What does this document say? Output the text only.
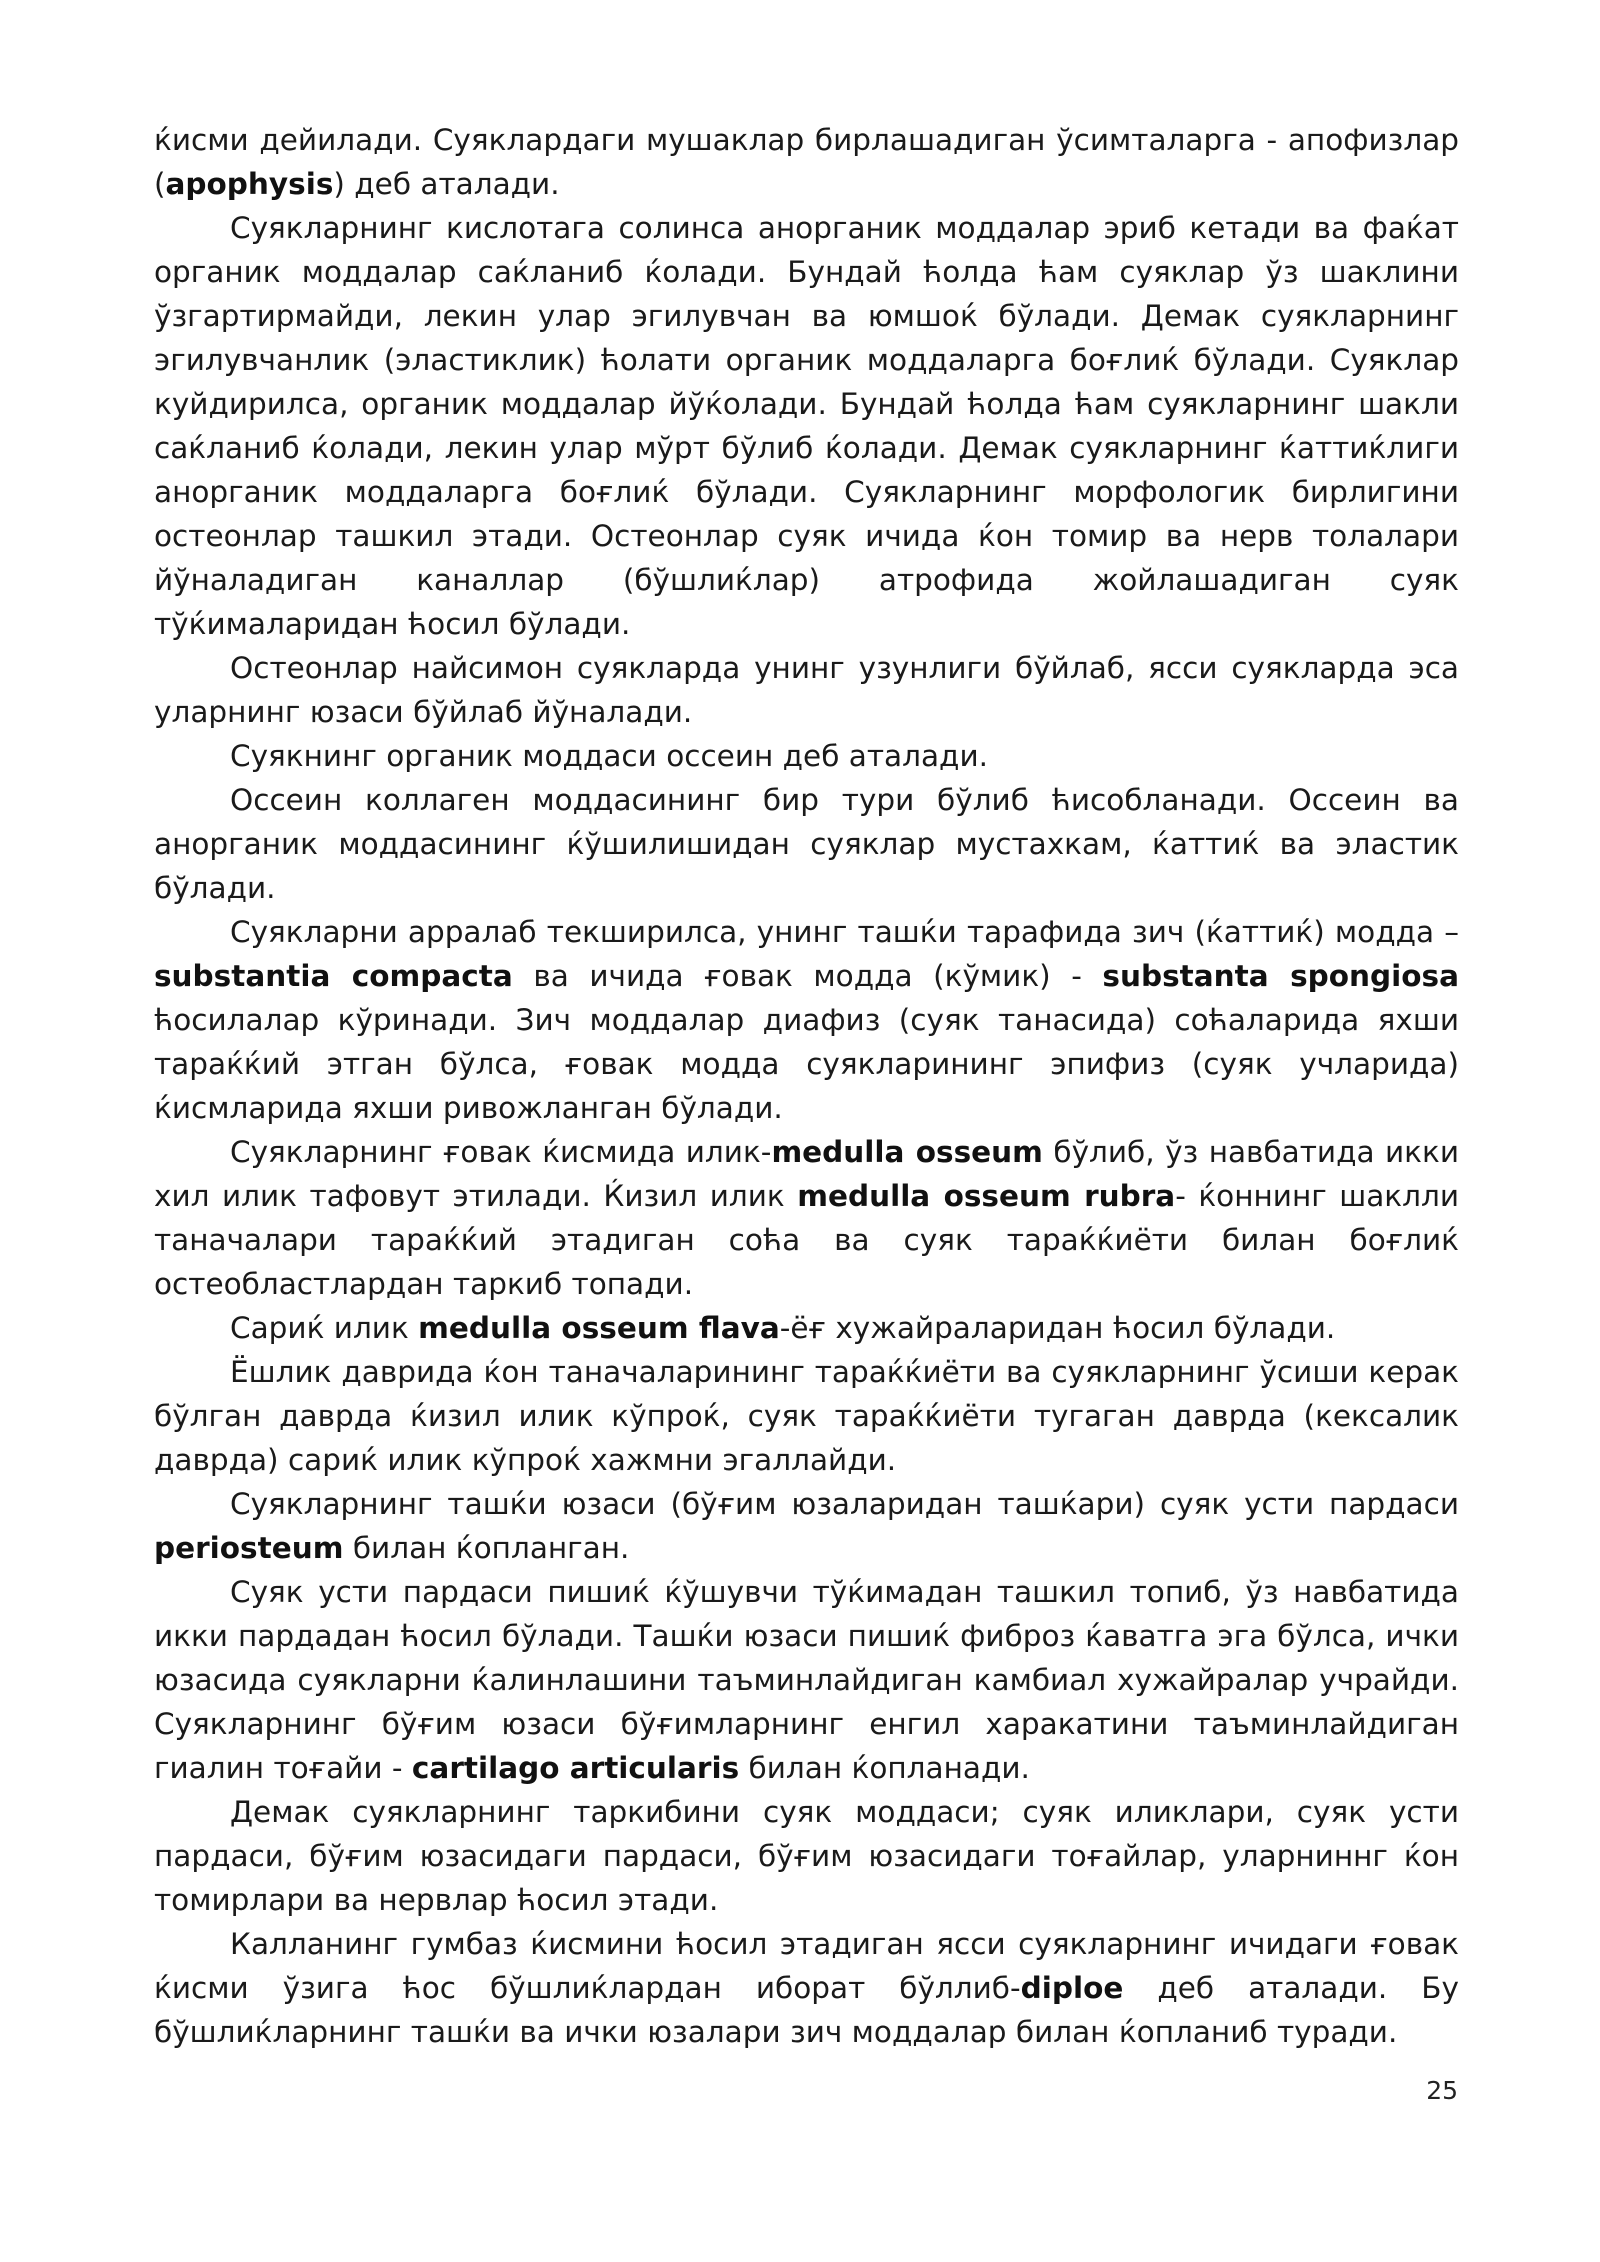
ќисми дейилади. Суяклардаги мушаклар бирлашадиган ўсимталарга - апофизлар (apophysis) деб аталади.

Суякларнинг кислотага солинса анорганик моддалар эриб кетади ва фаќат органик моддалар саќланиб ќолади. Бундай ћолда ћам суяклар ўз шаклини ўзгартирмайди, лекин улар эгилувчан ва юмшоќ бўлади. Демак суякларнинг эгилувчанлик (эластиклик) ћолати органик моддаларга боғлиќ бўлади. Суяклар куйдирилса, органик моддалар йўќолади. Бундай ћолда ћам суякларнинг шакли саќланиб ќолади, лекин улар мўрт бўлиб ќолади. Демак суякларнинг ќаттиќлиги анорганик моддаларга боғлиќ бўлади. Суякларнинг морфологик бирлигини остеонлар ташкил этади. Остеонлар суяк ичида ќон томир ва нерв толалари йўналадиган каналлар (бўшлиќлар) атрофида жойлашадиган суяк тўќималаридан ћосил бўлади.

Остеонлар найсимон суякларда унинг узунлиги бўйлаб, ясси суякларда эса уларнинг юзаси бўйлаб йўналади.

Суякнинг органик моддаси оссеин деб аталади.

Оссеин коллаген моддасининг бир тури бўлиб ћисобланади. Оссеин ва анорганик моддасининг ќўшилишидан суяклар мустахкам, ќаттиќ ва эластик бўлади.

Суякларни арралаб текширилса, унинг ташќи тарафида зич (ќаттиќ) модда – substantia compacta ва ичида ғовак модда (кўмик) - substanta spongiosa ћосилалар кўринади. Зич моддалар диафиз (суяк танасида) соћаларида яхши тараќќий этган бўлса, ғовак модда суякларининг эпифиз (суяк учларида) ќисмларида яхши ривожланган бўлади.

Суякларнинг ғовак ќисмида илик-medulla osseum бўлиб, ўз навбатида икки хил илик тафовут этилади. Ќизил илик medulla osseum rubra- ќоннинг шаклли таначалари тараќќий этадиган соћа ва суяк тараќќиёти билан боғлиќ остеобластлардан таркиб топади.

Сариќ илик medulla osseum flava-ёғ хужайраларидан ћосил бўлади.

Ёшлик даврида ќон таначаларининг тараќќиёти ва суякларнинг ўсиши керак бўлган даврда ќизил илик кўпроќ, суяк тараќќиёти тугаган даврда (кексалик даврда) сариќ илик кўпроќ хажмни эгаллайди.

Суякларнинг ташќи юзаси (бўғим юзаларидан ташќари) суяк усти пардаси periosteum билан ќопланган.

Суяк усти пардаси пишиќ ќўшувчи тўќимадан ташкил топиб, ўз навбатида икки пардадан ћосил бўлади. Ташќи юзаси пишиќ фиброз ќаватга эга бўлса, ички юзасида суякларни ќалинлашини таъминлайдиган камбиал хужайралар учрайди. Суякларнинг бўғим юзаси бўғимларнинг енгил харакатини таъминлайдиган гиалин тоғайи - cartilago articularis билан ќопланади.

Демак суякларнинг таркибини суяк моддаси; суяк иликлари, суяк усти пардаси, бўғим юзасидаги пардаси, бўғим юзасидаги тоғайлар, уларниннг ќон томирлари ва нервлар ћосил этади.

Калланинг гумбаз ќисмини ћосил этадиган ясси суякларнинг ичидаги ғовак ќисми ўзига ћос бўшлиќлардан иборат бўллиб-diploe деб аталади. Бу бўшлиќларнинг ташќи ва ички юзалари зич моддалар билан ќопланиб туради.

25
